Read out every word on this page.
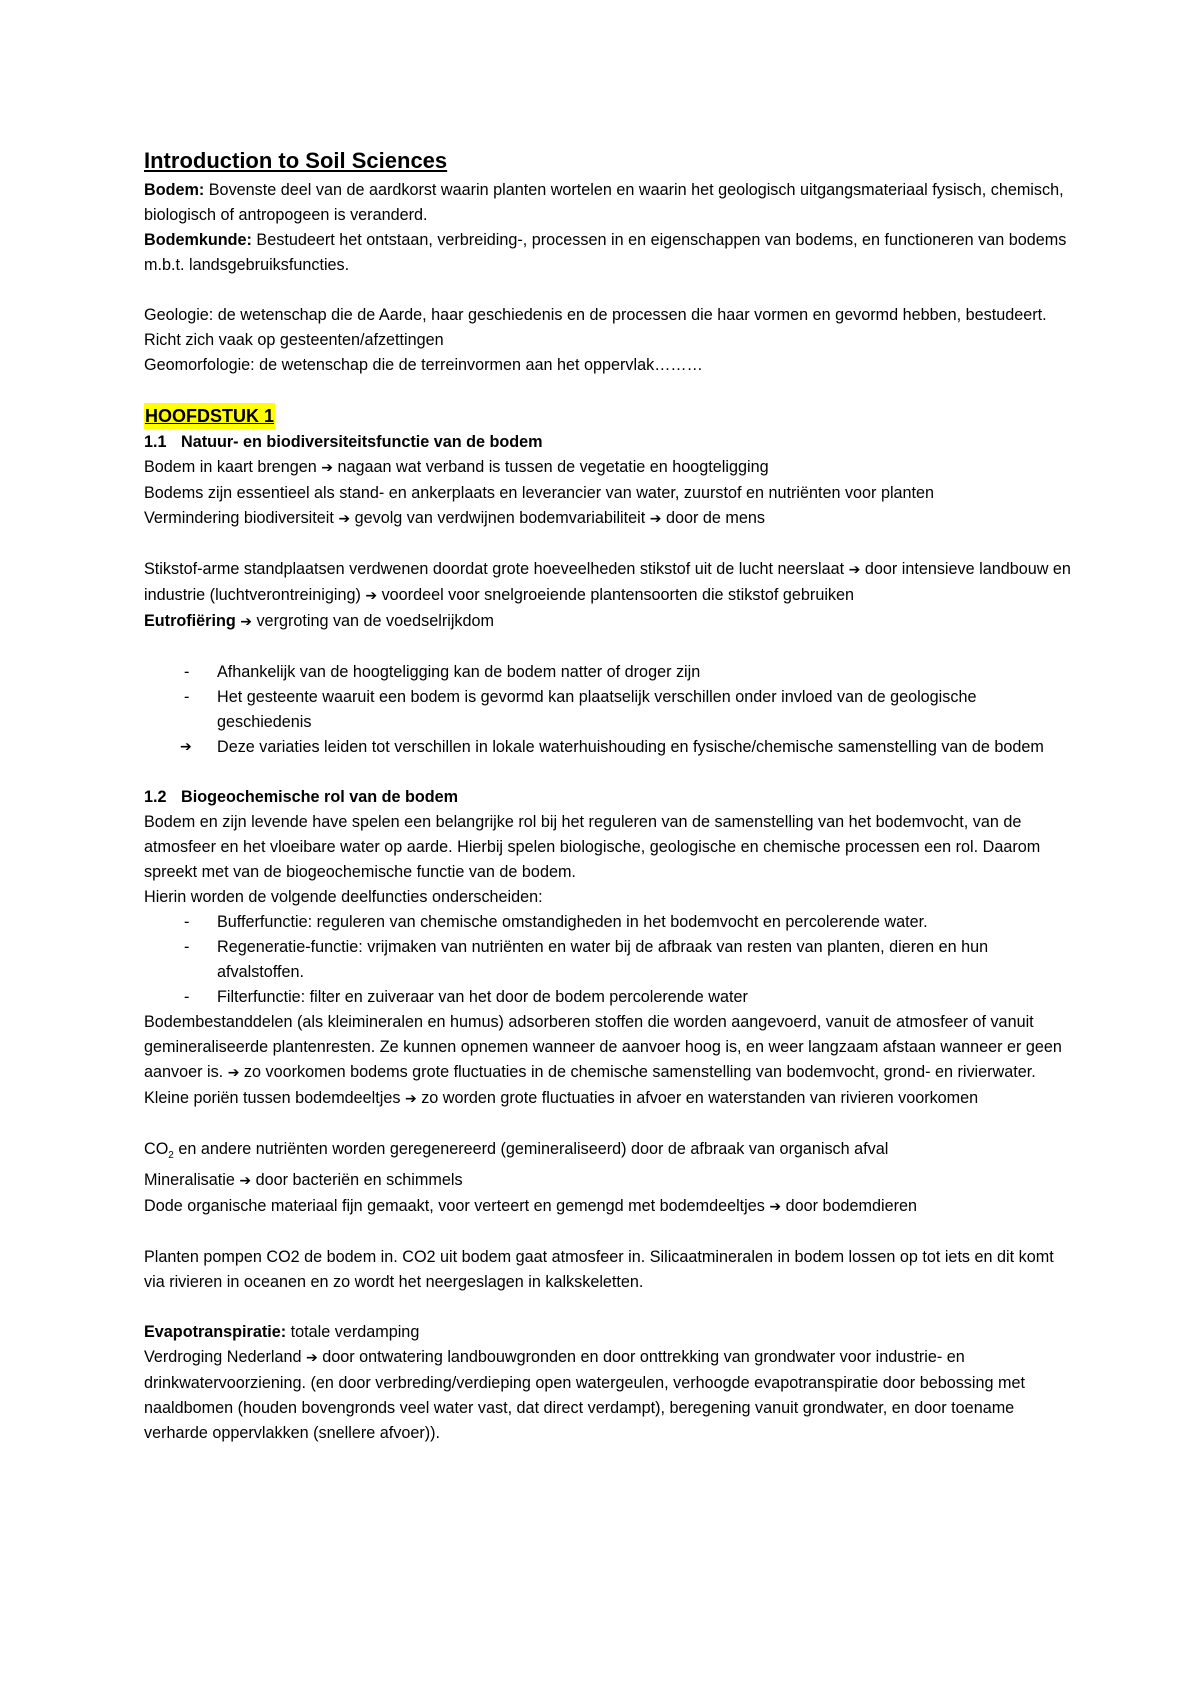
Introduction to Soil Sciences

Bodem: Bovenste deel van de aardkorst waarin planten wortelen en waarin het geologisch uitgangsmateriaal fysisch, chemisch, biologisch of antropogeen is veranderd.

Bodemkunde: Bestudeert het ontstaan, verbreiding-, processen in en eigenschappen van bodems, en functioneren van bodems m.b.t. landsgebruiksfuncties.

Geologie: de wetenschap die de Aarde, haar geschiedenis en de processen die haar vormen en gevormd hebben, bestudeert. Richt zich vaak op gesteenten/afzettingen

Geomorfologie: de wetenschap die de terreinvormen aan het oppervlak………

HOOFDSTUK 1

1.1 Natuur- en biodiversiteitsfunctie van de bodem

Bodem in kaart brengen ➔ nagaan wat verband is tussen de vegetatie en hoogteligging

Bodems zijn essentieel als stand- en ankerplaats en leverancier van water, zuurstof en nutriënten voor planten

Vermindering biodiversiteit ➔ gevolg van verdwijnen bodemvariabiliteit ➔ door de mens

Stikstof-arme standplaatsen verdwenen doordat grote hoeveelheden stikstof uit de lucht neerslaat ➔ door intensieve landbouw en industrie (luchtverontreiniging) ➔ voordeel voor snelgroeiende plantensoorten die stikstof gebruiken

Eutrofiëring ➔ vergroting van de voedselrijkdom

-	Afhankelijk van de hoogteligging kan de bodem natter of droger zijn
-	Het gesteente waaruit een bodem is gevormd kan plaatselijk verschillen onder invloed van de geologische geschiedenis
➔	Deze variaties leiden tot verschillen in lokale waterhuishouding en fysische/chemische samenstelling van de bodem

1.2 Biogeochemische rol van de bodem

Bodem en zijn levende have spelen een belangrijke rol bij het reguleren van de samenstelling van het bodemvocht, van de atmosfeer en het vloeibare water op aarde. Hierbij spelen biologische, geologische en chemische processen een rol. Daarom spreekt met van de biogeochemische functie van de bodem.

Hierin worden de volgende deelfuncties onderscheiden:

-	Bufferfunctie: reguleren van chemische omstandigheden in het bodemvocht en percolerende water.
-	Regeneratie-functie: vrijmaken van nutriënten en water bij de afbraak van resten van planten, dieren en hun afvalstoffen.
-	Filterfunctie: filter en zuiveraar van het door de bodem percolerende water

Bodembestanddelen (als kleimineralen en humus) adsorberen stoffen die worden aangevoerd, vanuit de atmosfeer of vanuit gemineraliseerde plantenresten. Ze kunnen opnemen wanneer de aanvoer hoog is, en weer langzaam afstaan wanneer er geen aanvoer is. ➔ zo voorkomen bodems grote fluctuaties in de chemische samenstelling van bodemvocht, grond- en rivierwater.

Kleine poriën tussen bodemdeeltjes ➔ zo worden grote fluctuaties in afvoer en waterstanden van rivieren voorkomen

$CO_2$ en andere nutriënten worden geregenereerd (gemineraliseerd) door de afbraak van organisch afval

Mineralisatie ➔ door bacteriën en schimmels

Dode organische materiaal fijn gemaakt, voor verteert en gemengd met bodemdeeltjes ➔ door bodemdieren

Planten pompen CO2 de bodem in. CO2 uit bodem gaat atmosfeer in. Silicaatmineralen in bodem lossen op tot iets en dit komt via rivieren in oceanen en zo wordt het neergeslagen in kalkskeletten.

Evapotranspiratie: totale verdamping

Verdroging Nederland ➔ door ontwatering landbouwgronden en door onttrekking van grondwater voor industrie- en drinkwatervoorziening. (en door verbreding/verdieping open watergeulen, verhoogde evapotranspiratie door bebossing met naaldbomen (houden bovengronds veel water vast, dat direct verdampt), beregening vanuit grondwater, en door toename verharde oppervlakken (snellere afvoer)).
